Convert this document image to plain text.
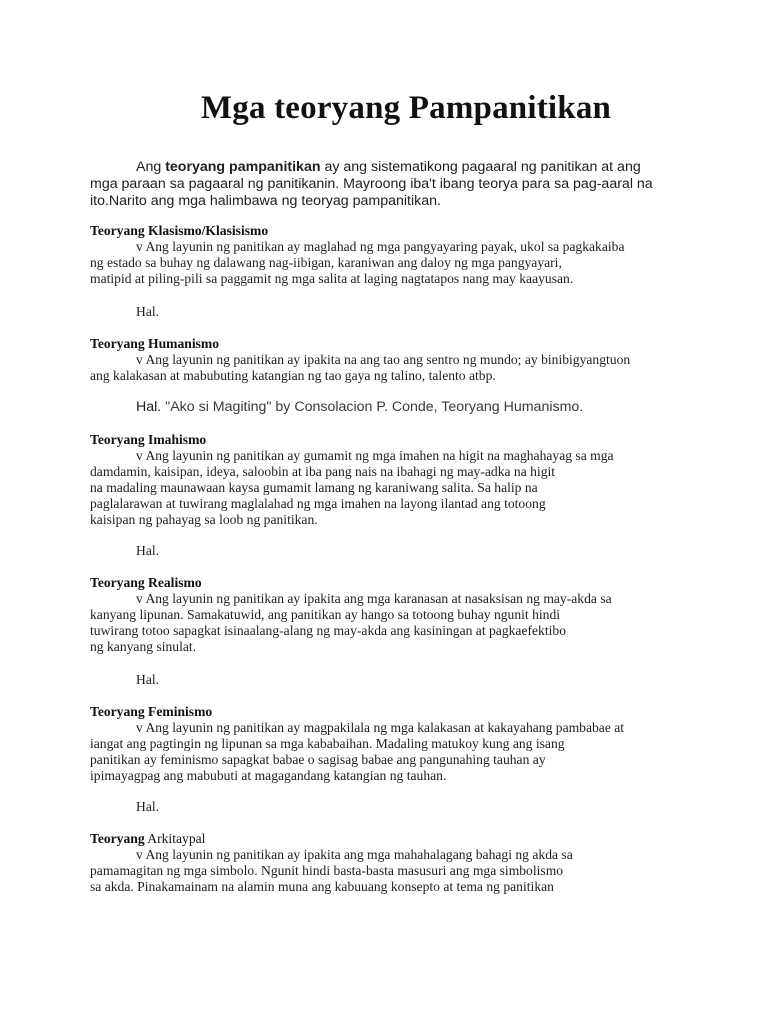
Mga teoryang Pampanitikan
Ang teoryang pampanitikan ay ang sistematikong pagaaral ng panitikan at ang
mga paraan sa pagaaral ng panitikanin. Mayroong iba't ibang teorya para sa pag-aaral na
ito.Narito ang mga halimbawa ng teoryag pampanitikan.
Teoryang Klasismo/Klasisismo
v Ang layunin ng panitikan ay maglahad ng mga pangyayaring payak, ukol sa pagkakaiba
ng estado sa buhay ng dalawang nag-iibigan, karaniwan ang daloy ng mga pangyayari,
matipid at piling-pili sa paggamit ng mga salita at laging nagtatapos nang may kaayusan.
Hal.
Teoryang Humanismo
v Ang layunin ng panitikan ay ipakita na ang tao ang sentro ng mundo; ay binibigyangtuon
ang kalakasan at mabubuting katangian ng tao gaya ng talino, talento atbp.
Hal. "Ako si Magiting" by Consolacion P. Conde, Teoryang Humanismo.
Teoryang Imahismo
v Ang layunin ng panitikan ay gumamit ng mga imahen na higit na maghahayag sa mga
damdamin, kaisipan, ideya, saloobin at iba pang nais na ibahagi ng may-adka na higit
na madaling maunawaan kaysa gumamit lamang ng karaniwang salita. Sa halip na
paglalarawan at tuwirang maglalahad ng mga imahen na layong ilantad ang totoong
kaisipan ng pahayag sa loob ng panitikan.
Hal.
Teoryang Realismo
v Ang layunin ng panitikan ay ipakita ang mga karanasan at nasaksisan ng may-akda sa
kanyang lipunan. Samakatuwid, ang panitikan ay hango sa totoong buhay ngunit hindi
tuwirang totoo sapagkat isinaalang-alang ng may-akda ang kasiningan at pagkaefektibo
ng kanyang sinulat.
Hal.
Teoryang Feminismo
v Ang layunin ng panitikan ay magpakilala ng mga kalakasan at kakayahang pambabae at
iangat ang pagtingin ng lipunan sa mga kababaihan. Madaling matukoy kung ang isang
panitikan ay feminismo sapagkat babae o sagisag babae ang pangunahing tauhan ay
ipimayagpag ang mabubuti at magagandang katangian ng tauhan.
Hal.
Teoryang Arkitaypal
v Ang layunin ng panitikan ay ipakita ang mga mahahalagang bahagi ng akda sa
pamamagitan ng mga simbolo. Ngunit hindi basta-basta masusuri ang mga simbolismo
sa akda. Pinakamainam na alamin muna ang kabuuang konsepto at tema ng panitikan
